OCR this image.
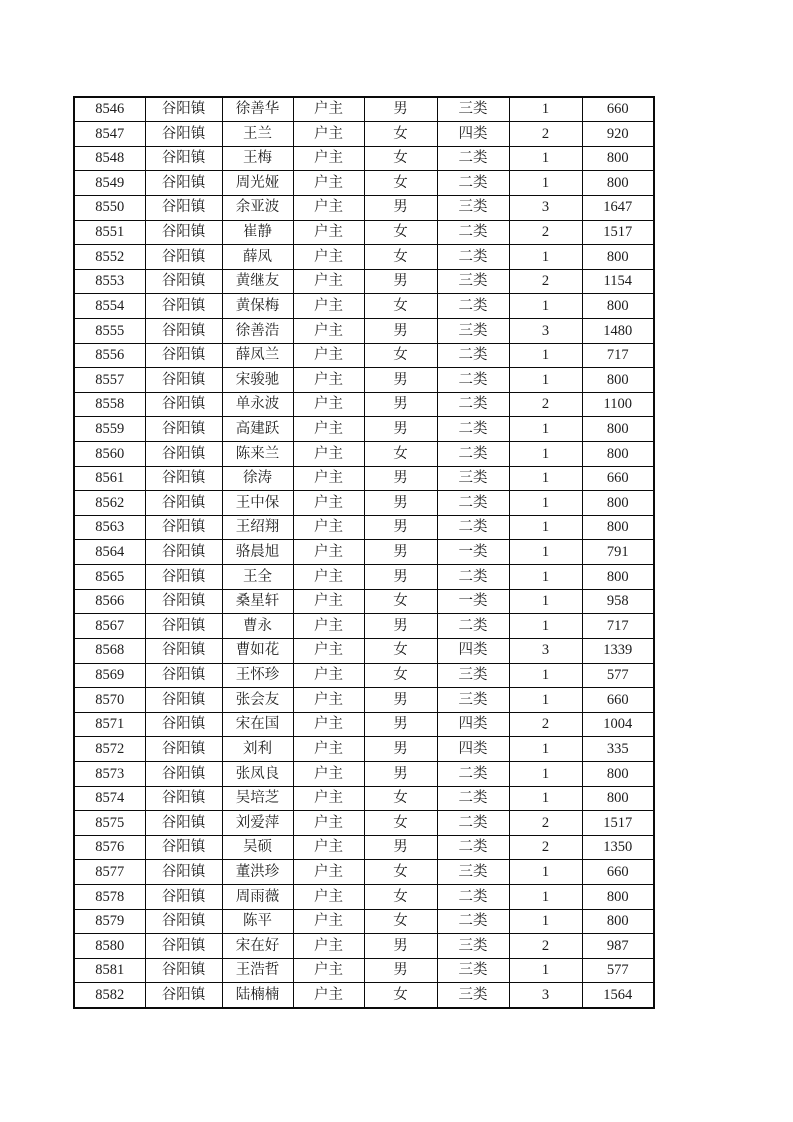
8546	谷阳镇	徐善华	户主	男	三类	1	660
8547	谷阳镇	王兰	户主	女	四类	2	920
8548	谷阳镇	王梅	户主	女	二类	1	800
8549	谷阳镇	周光娅	户主	女	二类	1	800
8550	谷阳镇	余亚波	户主	男	三类	3	1647
8551	谷阳镇	崔静	户主	女	二类	2	1517
8552	谷阳镇	薛凤	户主	女	二类	1	800
8553	谷阳镇	黄继友	户主	男	三类	2	1154
8554	谷阳镇	黄保梅	户主	女	二类	1	800
8555	谷阳镇	徐善浩	户主	男	三类	3	1480
8556	谷阳镇	薛凤兰	户主	女	二类	1	717
8557	谷阳镇	宋骏驰	户主	男	二类	1	800
8558	谷阳镇	单永波	户主	男	二类	2	1100
8559	谷阳镇	高建跃	户主	男	二类	1	800
8560	谷阳镇	陈来兰	户主	女	二类	1	800
8561	谷阳镇	徐涛	户主	男	三类	1	660
8562	谷阳镇	王中保	户主	男	二类	1	800
8563	谷阳镇	王绍翔	户主	男	二类	1	800
8564	谷阳镇	骆晨旭	户主	男	一类	1	791
8565	谷阳镇	王全	户主	男	二类	1	800
8566	谷阳镇	桑星轩	户主	女	一类	1	958
8567	谷阳镇	曹永	户主	男	二类	1	717
8568	谷阳镇	曹如花	户主	女	四类	3	1339
8569	谷阳镇	王怀珍	户主	女	三类	1	577
8570	谷阳镇	张会友	户主	男	三类	1	660
8571	谷阳镇	宋在国	户主	男	四类	2	1004
8572	谷阳镇	刘利	户主	男	四类	1	335
8573	谷阳镇	张凤良	户主	男	二类	1	800
8574	谷阳镇	吴培芝	户主	女	二类	1	800
8575	谷阳镇	刘爱萍	户主	女	二类	2	1517
8576	谷阳镇	吴硕	户主	男	二类	2	1350
8577	谷阳镇	董洪珍	户主	女	三类	1	660
8578	谷阳镇	周雨薇	户主	女	二类	1	800
8579	谷阳镇	陈平	户主	女	二类	1	800
8580	谷阳镇	宋在好	户主	男	三类	2	987
8581	谷阳镇	王浩哲	户主	男	三类	1	577
8582	谷阳镇	陆楠楠	户主	女	三类	3	1564
